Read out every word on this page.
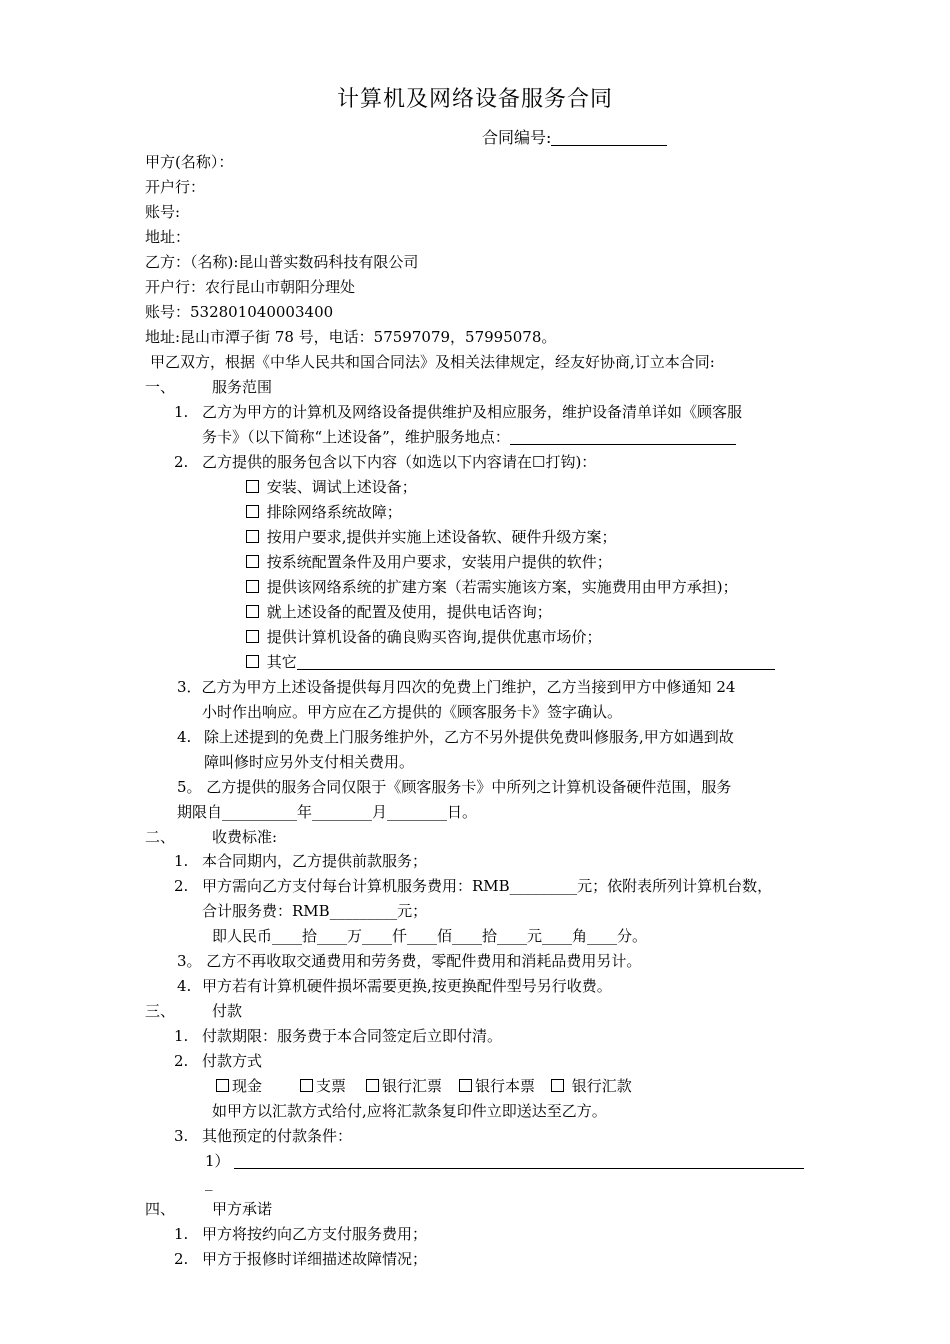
计算机及网络设备服务合同
合同编号:
甲方(名称）：
开户行：
账号:
地址：
乙方：（名称):昆山普实数码科技有限公司
开户行：农行昆山市朝阳分理处
账号：532801040003400
地址:昆山市潭子街 78 号，电话：57597079，57995078。
甲乙双方，根据《中华人民共和国合同法》及相关法律规定，经友好协商,订立本合同:
一、 服务范围
1. 乙方为甲方的计算机及网络设备提供维护及相应服务，维护设备清单详如《顾客服
务卡》（以下简称“上述设备”，维护服务地点：
2. 乙方提供的服务包含以下内容（如选以下内容请在☐打钩)：
安装、调试上述设备；
排除网络系统故障；
按用户要求,提供并实施上述设备软、硬件升级方案；
按系统配置条件及用户要求，安装用户提供的软件；
提供该网络系统的扩建方案（若需实施该方案，实施费用由甲方承担)；
就上述设备的配置及使用，提供电话咨询；
提供计算机设备的确良购买咨询,提供优惠市场价；
其它
3．乙方为甲方上述设备提供每月四次的免费上门维护，乙方当接到甲方中修通知 24
小时作出响应。甲方应在乙方提供的《顾客服务卡》签字确认。
4. 除上述提到的免费上门服务维护外，乙方不另外提供免费叫修服务,甲方如遇到故
障叫修时应另外支付相关费用。
5。 乙方提供的服务合同仅限于《顾客服务卡》中所列之计算机设备硬件范围，服务
期限自__________年________月________日。
二、 收费标准:
1. 本合同期内，乙方提供前款服务；
2. 甲方需向乙方支付每台计算机服务费用：RMB_________元；依附表所列计算机台数，
合计服务费：RMB_________元；
即人民币____拾____万____仟____佰____拾____元____角____分。
3。 乙方不再收取交通费用和劳务费，零配件费用和消耗品费用另计。
4. 甲方若有计算机硬件损坏需要更换,按更换配件型号另行收费。
三、 付款
1. 付款期限：服务费于本合同签定后立即付清。
2. 付款方式
现金	支票	银行汇票	银行本票	银行汇款
如甲方以汇款方式给付,应将汇款条复印件立即送达至乙方。
3. 其他预定的付款条件：
1）
_
四、 甲方承诺
1. 甲方将按约向乙方支付服务费用；
2. 甲方于报修时详细描述故障情况；
